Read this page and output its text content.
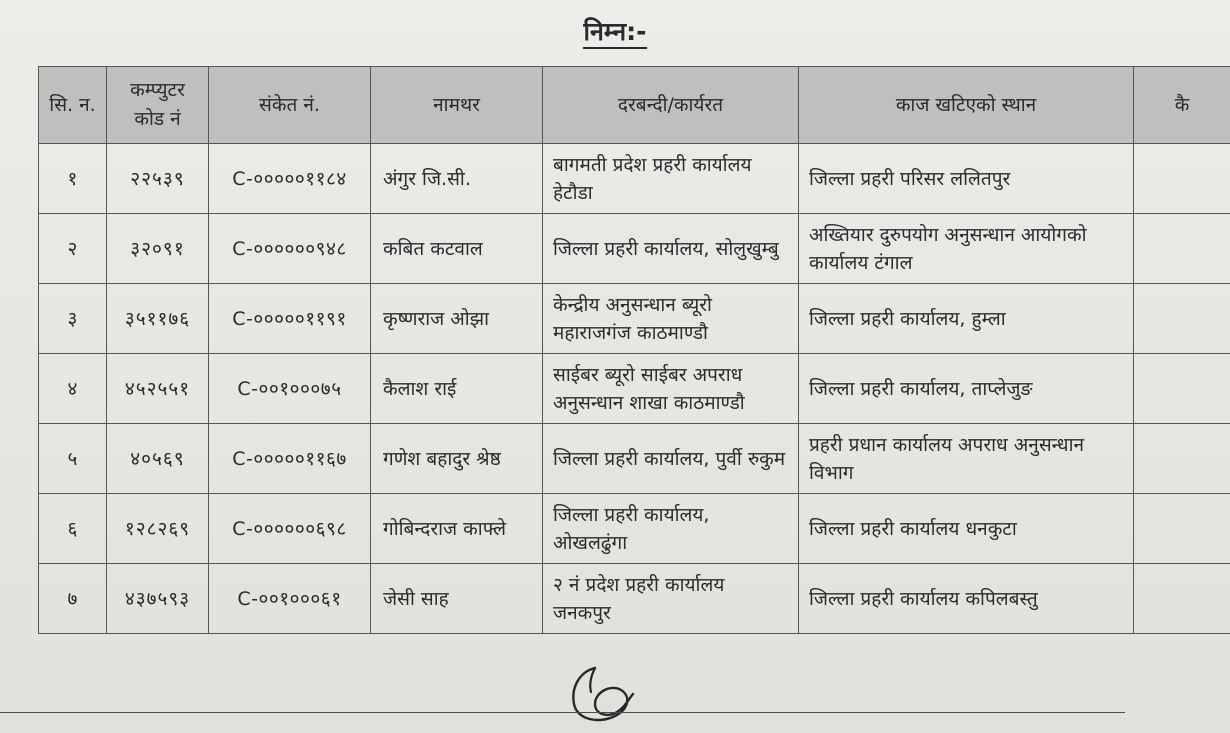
निम्न:-
सि. न.	कम्प्युटर कोड नं	संकेत नं.	नामथर	दरबन्दी/कार्यरत	काज खटिएको स्थान	कै
१	२२५३९	C-०००००११८४	अंगुर जि.सी.	बागमती प्रदेश प्रहरी कार्यालय हेटौडा	जिल्ला प्रहरी परिसर ललितपुर	
२	३२०९१	C-००००००९४८	कबित कटवाल	जिल्ला प्रहरी कार्यालय, सोलुखुम्बु	अख्तियार दुरुपयोग अनुसन्धान आयोगको कार्यालय टंगाल	
३	३५११७६	C-०००००११९१	कृष्णराज ओझा	केन्द्रीय अनुसन्धान ब्यूरो महाराजगंज काठमाण्डौ	जिल्ला प्रहरी कार्यालय, हुम्ला	
४	४५२५५१	C-००१०००७५	कैलाश राई	साईबर ब्यूरो साईबर अपराध अनुसन्धान शाखा काठमाण्डौ	जिल्ला प्रहरी कार्यालय, ताप्लेजुङ	
५	४०५६९	C-०००००११६७	गणेश बहादुर श्रेष्ठ	जिल्ला प्रहरी कार्यालय, पुर्वी रुकुम	प्रहरी प्रधान कार्यालय अपराध अनुसन्धान विभाग	
६	१२८२६९	C-००००००६९८	गोबिन्दराज काफ्ले	जिल्ला प्रहरी कार्यालय, ओखलढुंगा	जिल्ला प्रहरी कार्यालय धनकुटा	
७	४३७५९३	C-००१०००६१	जेसी साह	२ नं प्रदेश प्रहरी कार्यालय जनकपुर	जिल्ला प्रहरी कार्यालय कपिलबस्तु	
